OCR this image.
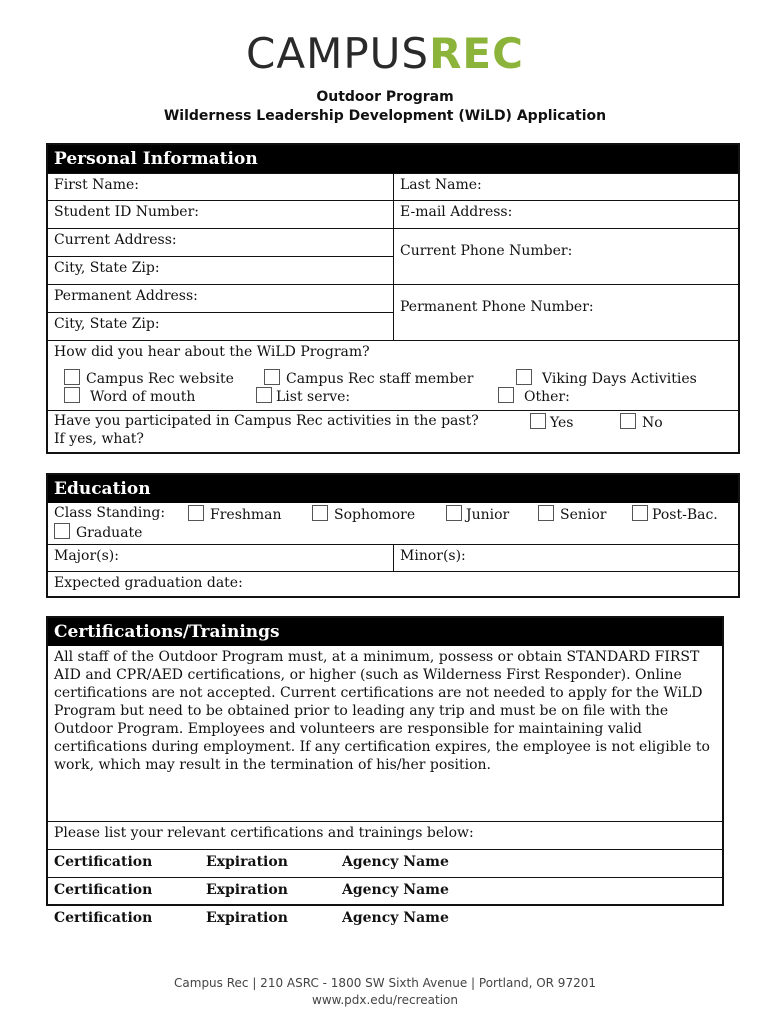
CAMPUSREC
Outdoor Program
Wilderness Leadership Development (WiLD) Application
Personal Information
First Name:	Last Name:
Student ID Number:	E-mail Address:
Current Address:
City, State Zip:
Current Phone Number:
Permanent Address:
City, State Zip:
Permanent Phone Number:
How did you hear about the WiLD Program?
Campus Rec website	Campus Rec staff member	Viking Days Activities
Word of mouth	List serve:	Other:
Have you participated in Campus Rec activities in the past?	Yes	No
If yes, what?
Education
Class Standing:	Freshman	Sophomore	Junior	Senior	Post-Bac.
Graduate
Major(s):	Minor(s):
Expected graduation date:
Certifications/Trainings
All staff of the Outdoor Program must, at a minimum, possess or obtain STANDARD FIRST AID and CPR/AED certifications, or higher (such as Wilderness First Responder). Online certifications are not accepted. Current certifications are not needed to apply for the WiLD Program but need to be obtained prior to leading any trip and must be on file with the Outdoor Program. Employees and volunteers are responsible for maintaining valid certifications during employment. If any certification expires, the employee is not eligible to work, which may result in the termination of his/her position.
Please list your relevant certifications and trainings below:
Certification	Expiration	Agency Name
Certification	Expiration	Agency Name
Certification	Expiration	Agency Name
Campus Rec | 210 ASRC - 1800 SW Sixth Avenue | Portland, OR 97201
www.pdx.edu/recreation
